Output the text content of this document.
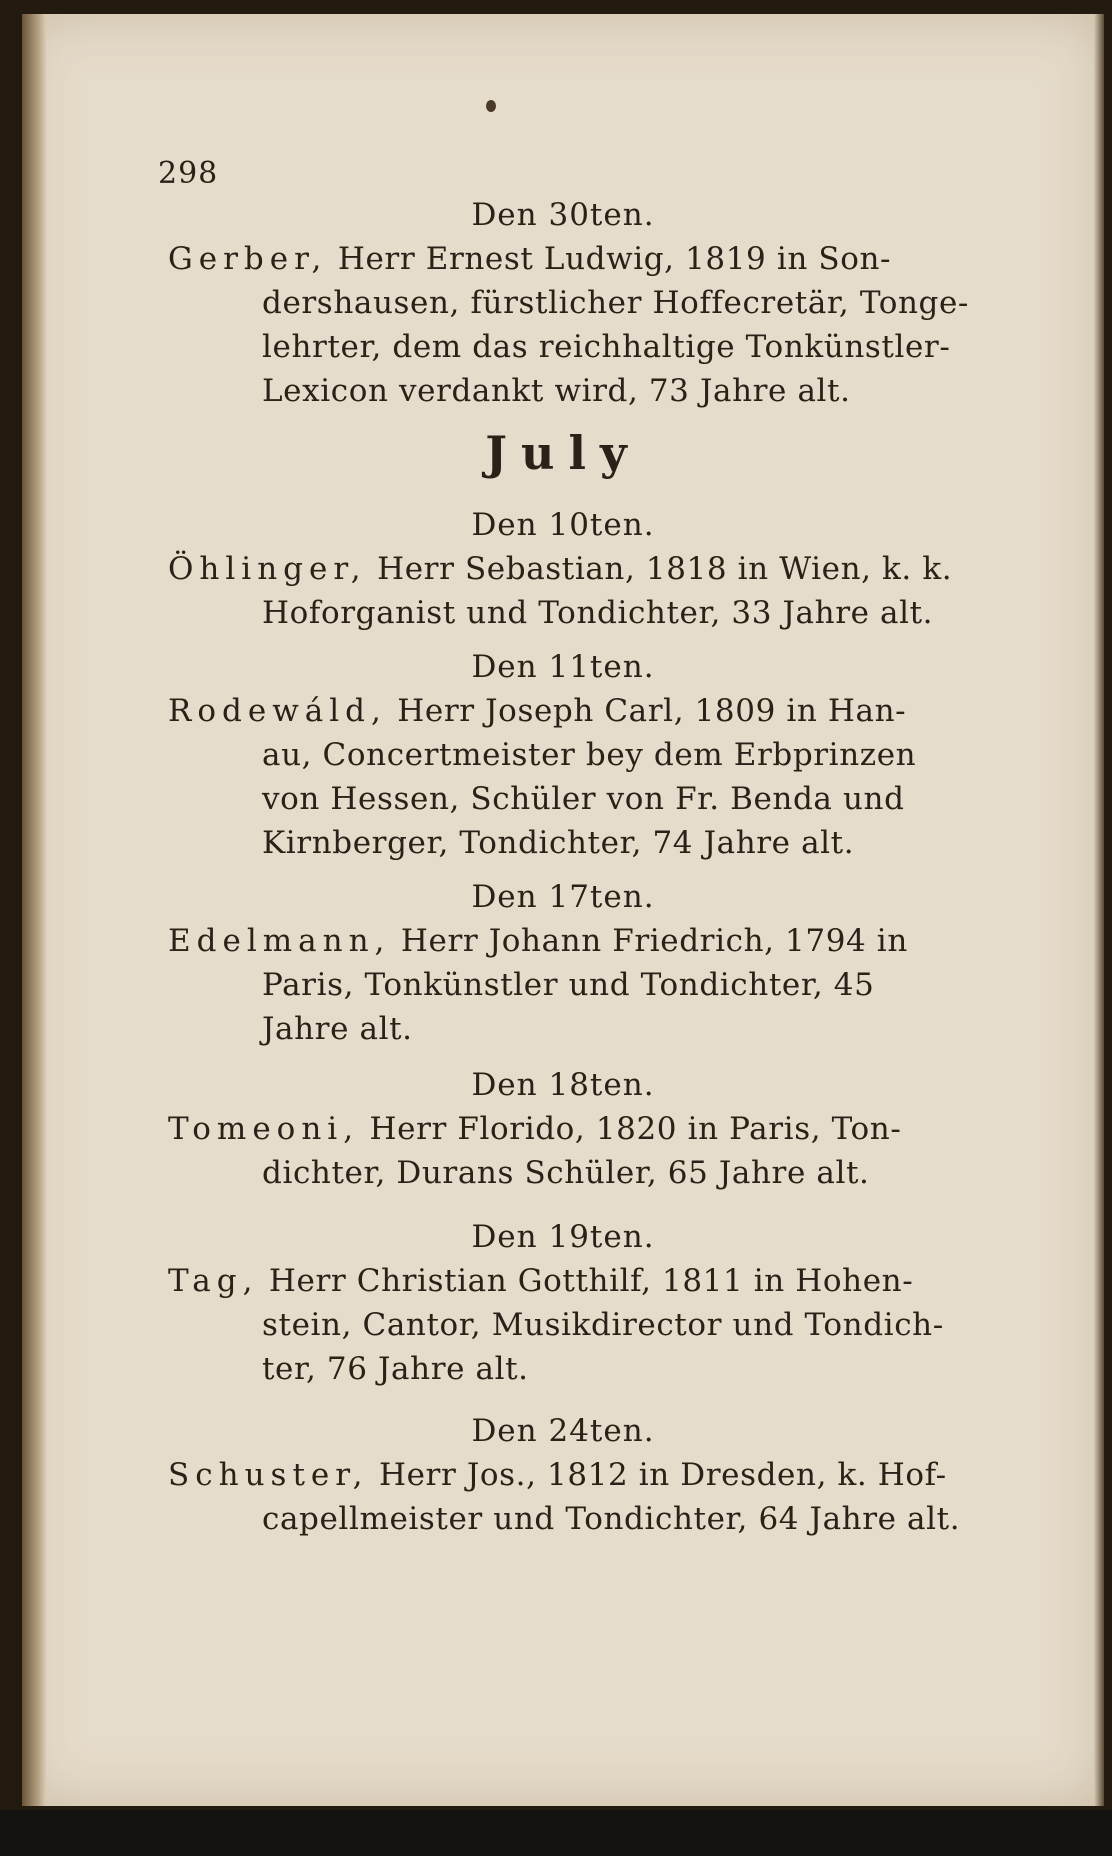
298
Den 30ten.
Gerber, Herr Ernest Ludwig, 1819 in Son-
dershausen, fürstlicher Hoffecretär, Tonge-
lehrter, dem das reichhaltige Tonkünstler-
Lexicon verdankt wird, 73 Jahre alt.
July
Den 10ten.
Öhlinger, Herr Sebastian, 1818 in Wien, k. k.
Hoforganist und Tondichter, 33 Jahre alt.
Den 11ten.
Rodewáld, Herr Joseph Carl, 1809 in Han-
au, Concertmeister bey dem Erbprinzen
von Hessen, Schüler von Fr. Benda und
Kirnberger, Tondichter, 74 Jahre alt.
Den 17ten.
Edelmann, Herr Johann Friedrich, 1794 in
Paris, Tonkünstler und Tondichter, 45
Jahre alt.
Den 18ten.
Tomeoni, Herr Florido, 1820 in Paris, Ton-
dichter, Durans Schüler, 65 Jahre alt.
Den 19ten.
Tag, Herr Christian Gotthilf, 1811 in Hohen-
stein, Cantor, Musikdirector und Tondich-
ter, 76 Jahre alt.
Den 24ten.
Schuster, Herr Jos., 1812 in Dresden, k. Hof-
capellmeister und Tondichter, 64 Jahre alt.
